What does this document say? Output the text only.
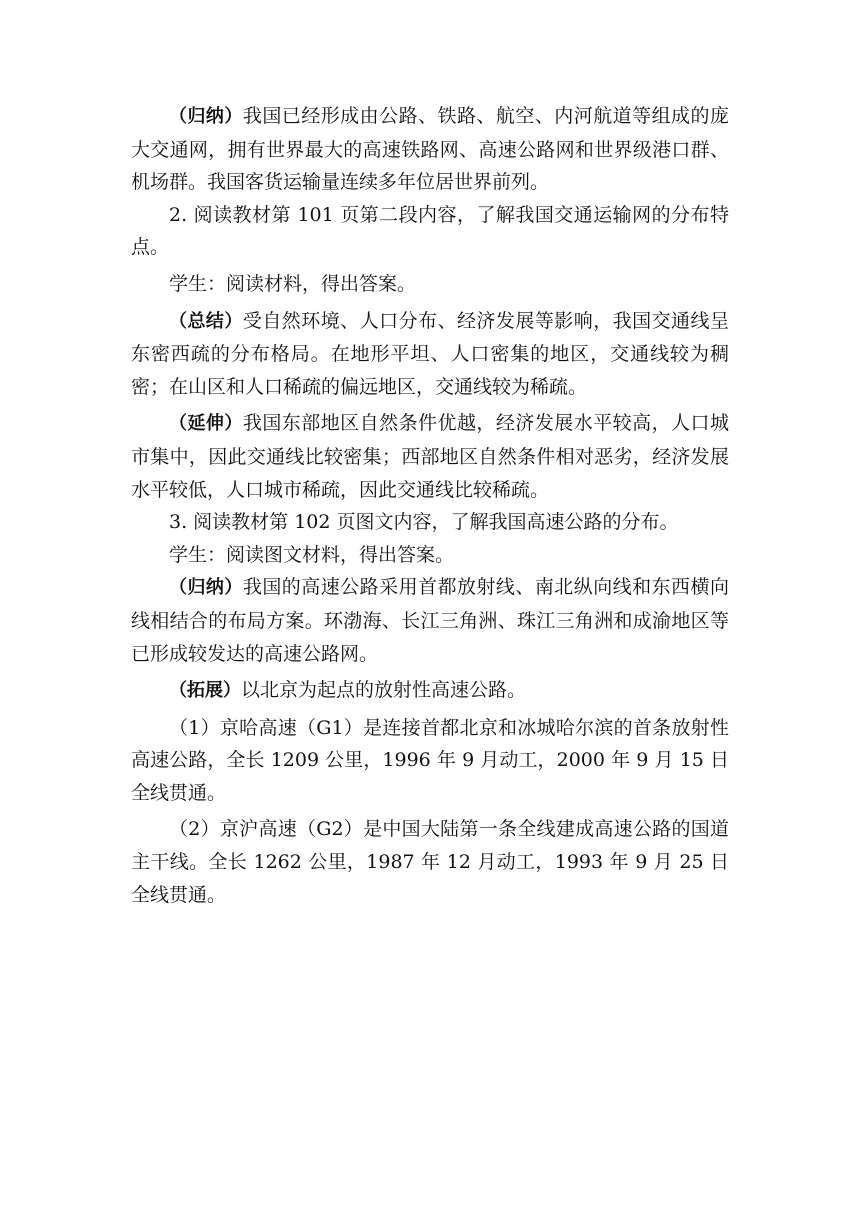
（归纳）我国已经形成由公路、铁路、航空、内河航道等组成的庞大交通网，拥有世界最大的高速铁路网、高速公路网和世界级港口群、机场群。我国客货运输量连续多年位居世界前列。

2. 阅读教材第 101 页第二段内容，了解我国交通运输网的分布特点。

学生：阅读材料，得出答案。

（总结）受自然环境、人口分布、经济发展等影响，我国交通线呈东密西疏的分布格局。在地形平坦、人口密集的地区，交通线较为稠密；在山区和人口稀疏的偏远地区，交通线较为稀疏。

（延伸）我国东部地区自然条件优越，经济发展水平较高，人口城市集中，因此交通线比较密集；西部地区自然条件相对恶劣，经济发展水平较低，人口城市稀疏，因此交通线比较稀疏。

3. 阅读教材第 102 页图文内容，了解我国高速公路的分布。

学生：阅读图文材料，得出答案。

（归纳）我国的高速公路采用首都放射线、南北纵向线和东西横向线相结合的布局方案。环渤海、长江三角洲、珠江三角洲和成渝地区等已形成较发达的高速公路网。

（拓展）以北京为起点的放射性高速公路。

（1）京哈高速（G1）是连接首都北京和冰城哈尔滨的首条放射性高速公路，全长 1209 公里，1996 年 9 月动工，2000 年 9 月 15 日全线贯通。

（2）京沪高速（G2）是中国大陆第一条全线建成高速公路的国道主干线。全长 1262 公里，1987 年 12 月动工，1993 年 9 月 25 日全线贯通。
